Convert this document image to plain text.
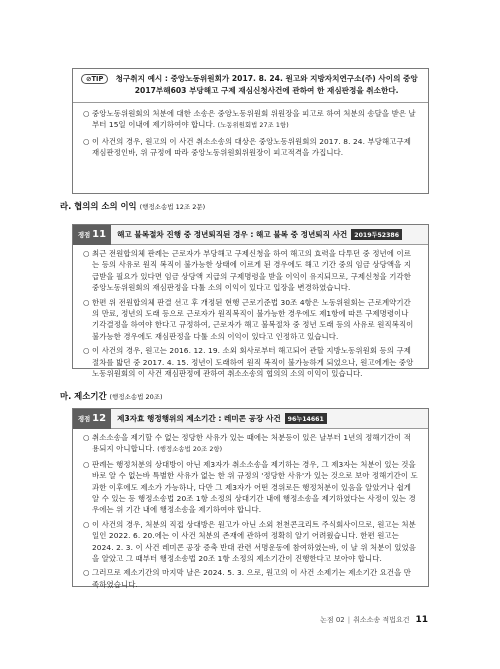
⊘TIP	청구취지 예시 : 중앙노동위원회가 2017. 8. 24. 원고와 지방자치연구소(주) 사이의 중앙2017부해603 부당해고 구제 재심신청사건에 관하여 한 재심판정을 취소한다.
○ 중앙노동위원회의 처분에 대한 소송은 중앙노동위원회 위원장을 피고로 하여 처분의 송달을 받은 날부터 15일 이내에 제기하여야 합니다. (노동위원회법 27조 1항)
○ 이 사건의 경우, 원고의 이 사건 취소소송의 대상은 중앙노동위원회의 2017. 8. 24. 부당해고구제 재심판정인바, 위 규정에 따라 중앙노동위원회위원장이 피고적격을 가집니다.
라. 협의의 소의 이익 (행정소송법 12조 2문)
쟁점 11 해고 불복절차 진행 중 정년퇴직된 경우 : 해고 불복 중 정년퇴직 사건	2019두52386
○ 최근 전원합의체 판례는 근로자가 부당해고 구제신청을 하여 해고의 효력을 다투던 중 정년에 이르는 등의 사유로 원직 복직이 불가능한 상태에 이르게 된 경우에도 해고 기간 중의 임금 상당액을 지급받을 필요가 있다면 임금 상당액 지급의 구제명령을 받을 이익이 유지되므로, 구제신청을 기각한 중앙노동위원회의 재심판정을 다툴 소의 이익이 있다고 입장을 변경하였습니다.
○ 한편 위 전원합의체 판결 선고 후 개정된 현행 근로기준법 30조 4항은 노동위원회는 근로계약기간의 만료, 정년의 도래 등으로 근로자가 원직복직이 불가능한 경우에도 제1항에 따른 구제명령이나 기각결정을 하여야 한다고 규정하여, 근로자가 해고 불복절차 중 정년 도래 등의 사유로 원직복직이 불가능한 경우에도 재심판정을 다툴 소의 이익이 있다고 인정하고 있습니다.
○ 이 사건의 경우, 원고는 2016. 12. 19. 소외 회사로부터 해고되어 관할 지방노동위원회 등의 구제절차를 밟던 중 2017. 4. 15. 정년이 도래하여 원직 복직이 불가능하게 되었으나, 원고에게는 중앙노동위원회의 이 사건 재심판정에 관하여 취소소송의 협의의 소의 이익이 있습니다.
마. 제소기간 (행정소송법 20조)
쟁점 12 제3자효 행정행위의 제소기간 : 레미콘 공장 사건	96누14661
○ 취소소송을 제기할 수 없는 정당한 사유가 있는 때에는 처분등이 있은 날부터 1년의 정해기간이 적용되지 아니합니다. (행정소송법 20조 2항)
○ 판례는 행정처분의 상대방이 아닌 제3자가 취소소송을 제기하는 경우, 그 제3자는 처분이 있는 것을 바로 알 수 없는바 특별한 사유가 없는 한 위 규정의 '정당한 사유'가 있는 것으로 보아 정해기간이 도과한 이후에도 제소가 가능하나, 다만 그 제3자가 어떤 경위로든 행정처분이 있음을 알았거나 쉽게 알 수 있는 등 행정소송법 20조 1항 소정의 상대기간 내에 행정소송을 제기하였다는 사정이 있는 경우에는 위 기간 내에 행정소송을 제기하여야 합니다.
○ 이 사건의 경우, 처분의 직접 상대방은 원고가 아닌 소외 천천콘크리트 주식회사이므로, 원고는 처분일인 2022. 6. 20.에는 이 사건 처분의 존재에 관하여 정확히 알기 어려웠습니다. 한편 원고는 2024. 2. 3. 이 사건 레미콘 공장 증축 반대 관련 서명운동에 참여하였는바, 이 날 위 처분이 있었음을 알았고 그 때부터 행정소송법 20조 1항 소정의 제소기간이 진행한다고 보아야 합니다.
○ 그러므로 제소기간의 마지막 날은 2024. 5. 3. 으로, 원고의 이 사건 소제기는 제소기간 요건을 만족하였습니다.
논점 02 | 취소소송 적법요건 11
